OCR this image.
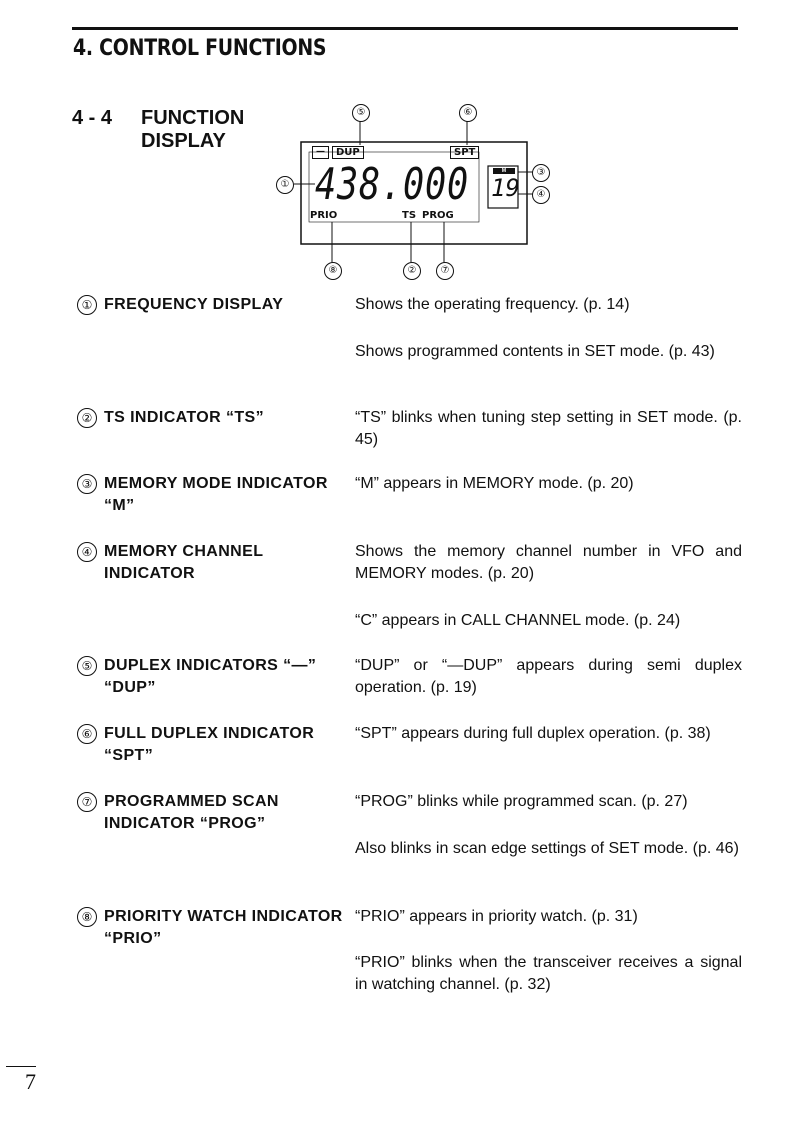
4. CONTROL FUNCTIONS
4 - 4 FUNCTION
DISPLAY
⑤	⑥
①
③
④
⑧	②	⑦
—	DUP	SPT
438.000	M
19
PRIO	TS PROG
① FREQUENCY DISPLAY	Shows the operating frequency. (p. 14)
Shows programmed contents in SET mode. (p. 43)
② TS INDICATOR “TS”	“TS” blinks when tuning step setting in SET mode. (p. 45)
③ MEMORY MODE INDICATOR “M”
“M” appears in MEMORY mode. (p. 20)
④ MEMORY CHANNEL INDICATOR
Shows the memory channel number in VFO and MEMORY modes. (p. 20)
“C” appears in CALL CHANNEL mode. (p. 24)
⑤ DUPLEX INDICATORS “—” “DUP”
“DUP” or “—DUP” appears during semi duplex operation. (p. 19)
⑥ FULL DUPLEX INDICATOR “SPT”
“SPT” appears during full duplex operation. (p. 38)
⑦ PROGRAMMED SCAN INDICATOR “PROG”
“PROG” blinks while programmed scan. (p. 27)
Also blinks in scan edge settings of SET mode. (p. 46)
⑧ PRIORITY WATCH INDICATOR “PRIO”
“PRIO” appears in priority watch. (p. 31)
“PRIO” blinks when the transceiver receives a signal in watching channel. (p. 32)
7
